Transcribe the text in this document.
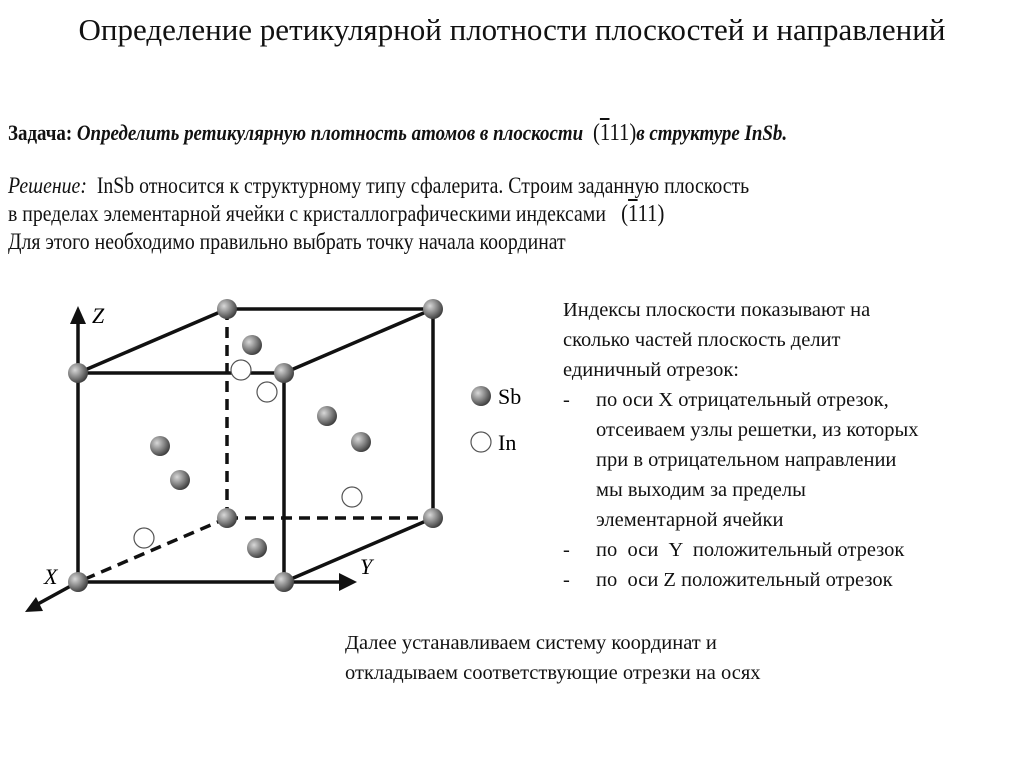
Определение ретикулярной плотности плоскостей и направлений
Задача: Определить ретикулярную плотность атомов в плоскости (111)в структуре InSb.
Решение: InSb относится к структурному типу сфалерита. Строим заданную плоскость
в пределах элементарной ячейки с кристаллографическими индексами (111)
Для этого необходимо правильно выбрать точку начала координат
Z
Y
X
Sb
In
Индексы плоскости показывают на
сколько частей плоскость делит
единичный отрезок:
- по оси X отрицательный отрезок,
отсеиваем узлы решетки, из которых
при в отрицательном направлении
мы выходим за пределы
элементарной ячейки
- по  оси  Y  положительный отрезок
- по  оси Z положительный отрезок
Далее устанавливаем систему координат и
откладываем соответствующие отрезки на осях
